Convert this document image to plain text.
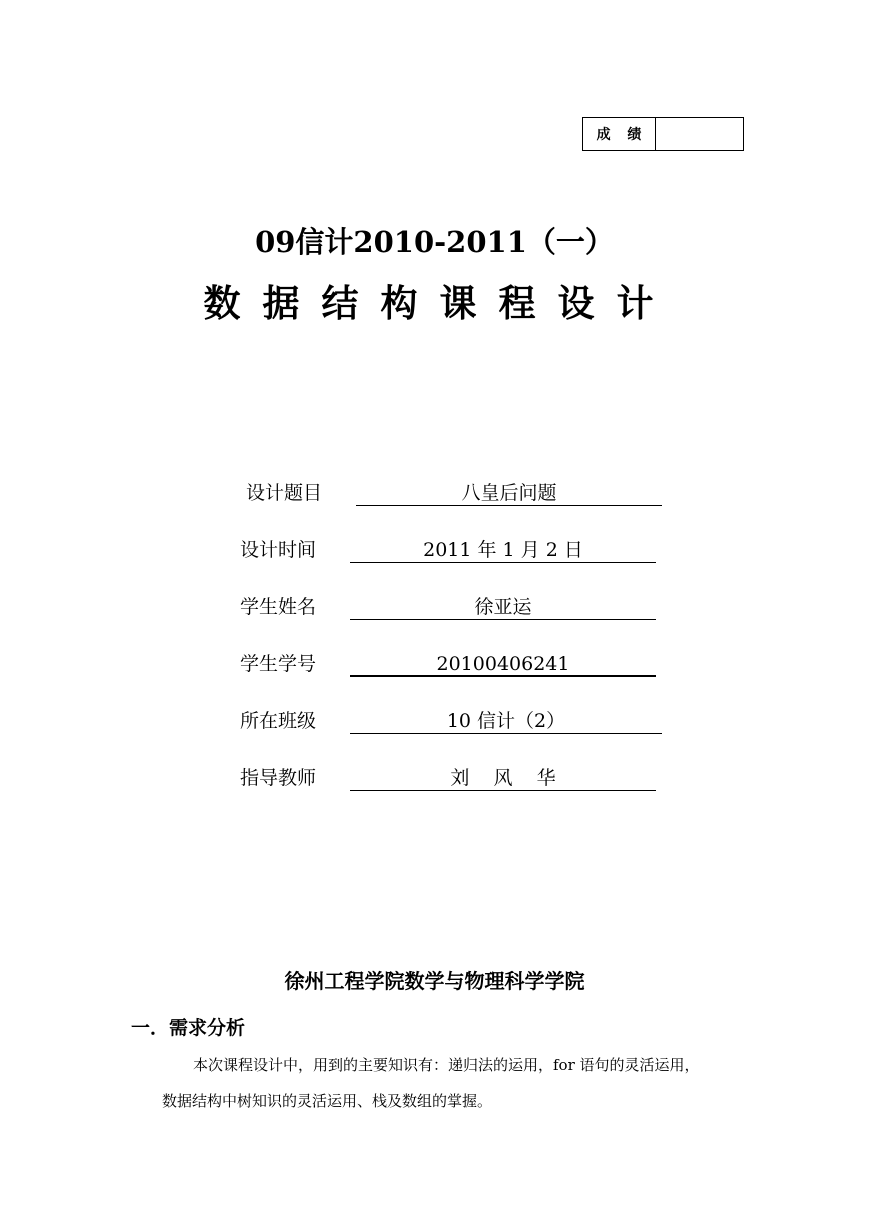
成 绩
09信计2010-2011（一）
数据结构课程设计
设计题目	八皇后问题
设计时间	2011 年 1 月 2 日
学生姓名	徐亚运
学生学号	20100406241
所在班级	10 信计（2）
指导教师	刘    风    华
徐州工程学院数学与物理科学学院
一．需求分析
本次课程设计中，用到的主要知识有：递归法的运用，for 语句的灵活运用，
数据结构中树知识的灵活运用、栈及数组的掌握。
